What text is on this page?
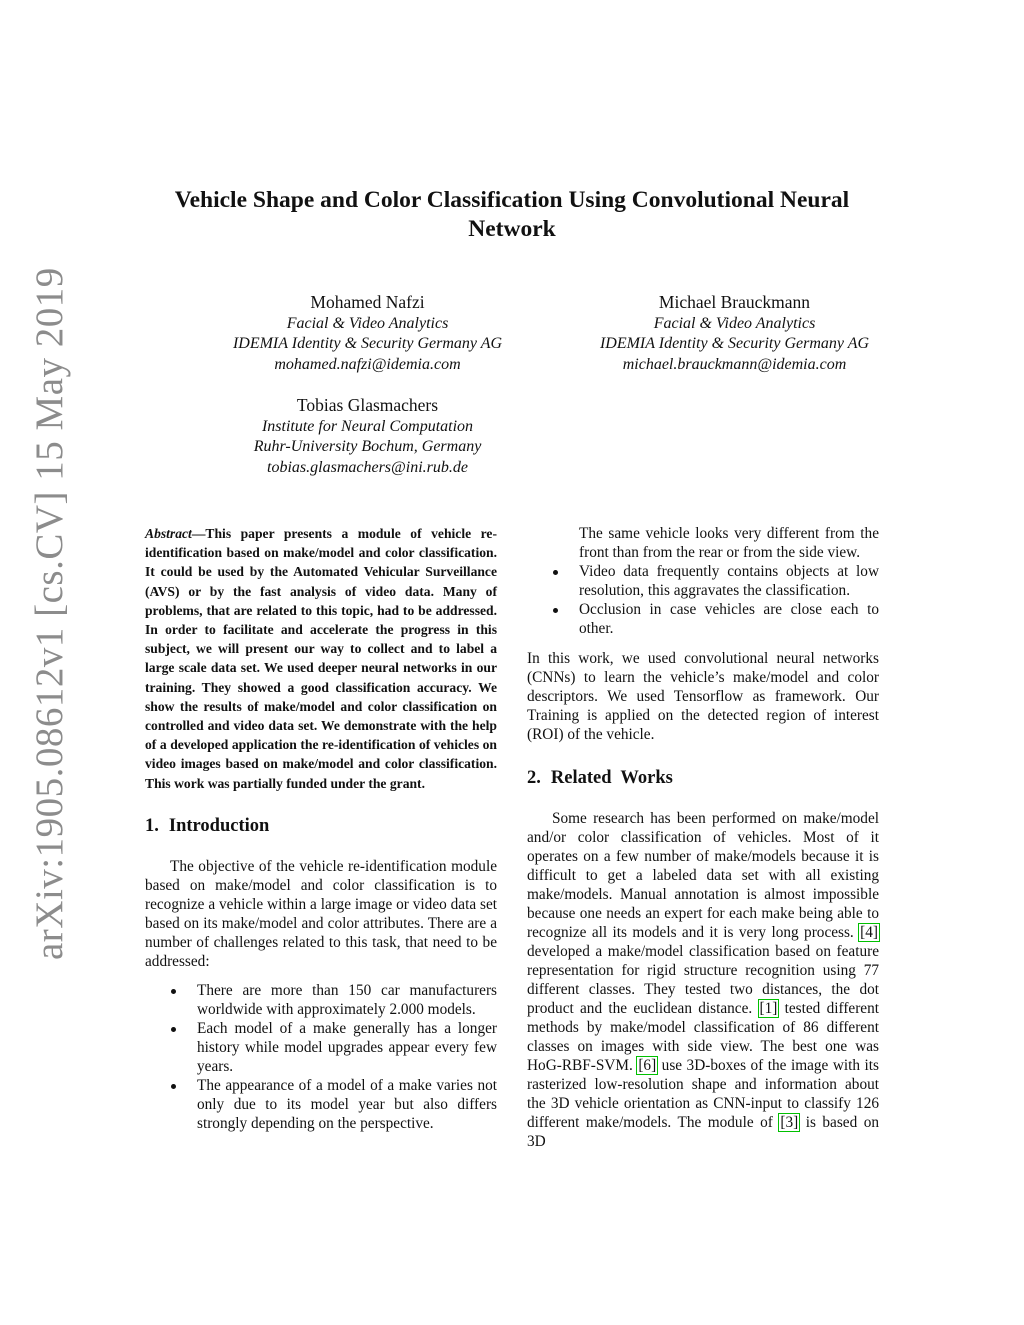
arXiv:1905.08612v1 [cs.CV] 15 May 2019
Vehicle Shape and Color Classification Using Convolutional Neural Network
Mohamed Nafzi
Facial & Video Analytics
IDEMIA Identity & Security Germany AG
mohamed.nafzi@idemia.com
Michael Brauckmann
Facial & Video Analytics
IDEMIA Identity & Security Germany AG
michael.brauckmann@idemia.com
Tobias Glasmachers
Institute for Neural Computation
Ruhr-University Bochum, Germany
tobias.glasmachers@ini.rub.de
Abstract—This paper presents a module of vehicle re-identification based on make/model and color classification. It could be used by the Automated Vehicular Surveillance (AVS) or by the fast analysis of video data. Many of problems, that are related to this topic, had to be addressed. In order to facilitate and accelerate the progress in this subject, we will present our way to collect and to label a large scale data set. We used deeper neural networks in our training. They showed a good classification accuracy. We show the results of make/model and color classification on controlled and video data set. We demonstrate with the help of a developed application the re-identification of vehicles on video images based on make/model and color classification. This work was partially funded under the grant.
1. Introduction

The objective of the vehicle re-identification module based on make/model and color classification is to recognize a vehicle within a large image or video data set based on its make/model and color attributes. There are a number of challenges related to this task, that need to be addressed:

There are more than 150 car manufacturers worldwide with approximately 2.000 models.
Each model of a make generally has a longer history while model upgrades appear every few years.
The appearance of a model of a make varies not only due to its model year but also differs strongly depending on the perspective.

The same vehicle looks very different from the front than from the rear or from the side view.

Video data frequently contains objects at low resolution, this aggravates the classification.
Occlusion in case vehicles are close each to other.

In this work, we used convolutional neural networks (CNNs) to learn the vehicle’s make/model and color descriptors. We used Tensorflow as framework. Our Training is applied on the detected region of interest (ROI) of the vehicle.

2. Related  Works

Some research has been performed on make/model and/or color classification of vehicles. Most of it operates on a few number of make/models because it is difficult to get a labeled data set with all existing make/models. Manual annotation is almost impossible because one needs an expert for each make being able to recognize all its models and it is very long process. [4] developed a make/model classification based on feature representation for rigid structure recognition using 77 different classes. They tested two distances, the dot product and the euclidean distance. [1] tested different methods by make/model classification of 86 different classes on images with side view. The best one was HoG-RBF-SVM. [6] use 3D-boxes of the image with its rasterized low-resolution shape and information about the 3D vehicle orientation as CNN-input to classify 126 different make/models. The module of [3] is based on 3D
